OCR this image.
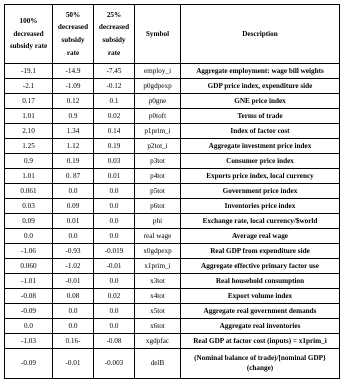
100% decreased subsidy rate	50% decreased subsidy rate	25% decreased subsidy rate	Symbol	Description
-19.1	-14.9	-7.45	employ_i	Aggregate employment: wage bill weights
-2.1	-1.09	-0.12	p0gdpexp	GDP price index, expenditure side
0.17	0.12	0.1	p0gne	GNE price index
1.01	0.9	0.02	p0toft	Terms of trade
2.10	1.34	0.14	p1prim_i	Index of factor cost
1.25	1.12	0.19	p2tot_i	Aggregate investment price index
0.9	0.19	0.03	p3tot	Consumer price index
1.01	0. 87	0.01	p4tot	Exports price index, local currency
0.061	0.0	0.0	p5tot	Government price index
0.03	0.09	0.0	p6tot	Inventories price index
0.09	0.01	0.0	phi	Exchange rate, local currency/$world
0.0	0.0	0.0	real wage	Average real wage
-1.06	-0.93	-0.019	x0gdpexp	Real GDP from expenditure side
0.060	-1.02	-0.01	x1prim_i	Aggregate effective primary factor use
-1.01	-0.01	0.0	x3tot	Real household consumption
-0.08	0.08	0.02	x4tot	Export volume index
-0.09	0.0	0.0	x5tot	Aggregate real government demands
0.0	0.0	0.0	x6tot	Aggregate real inventories
-1.03	0.16-	-0.08	xgdpfac	Real GDP at factor cost (inputs) = x1prim_i
-0.09	-0.01	-0.003	delB	(Nominal balance of trade)/[nominal GDP} (change)
